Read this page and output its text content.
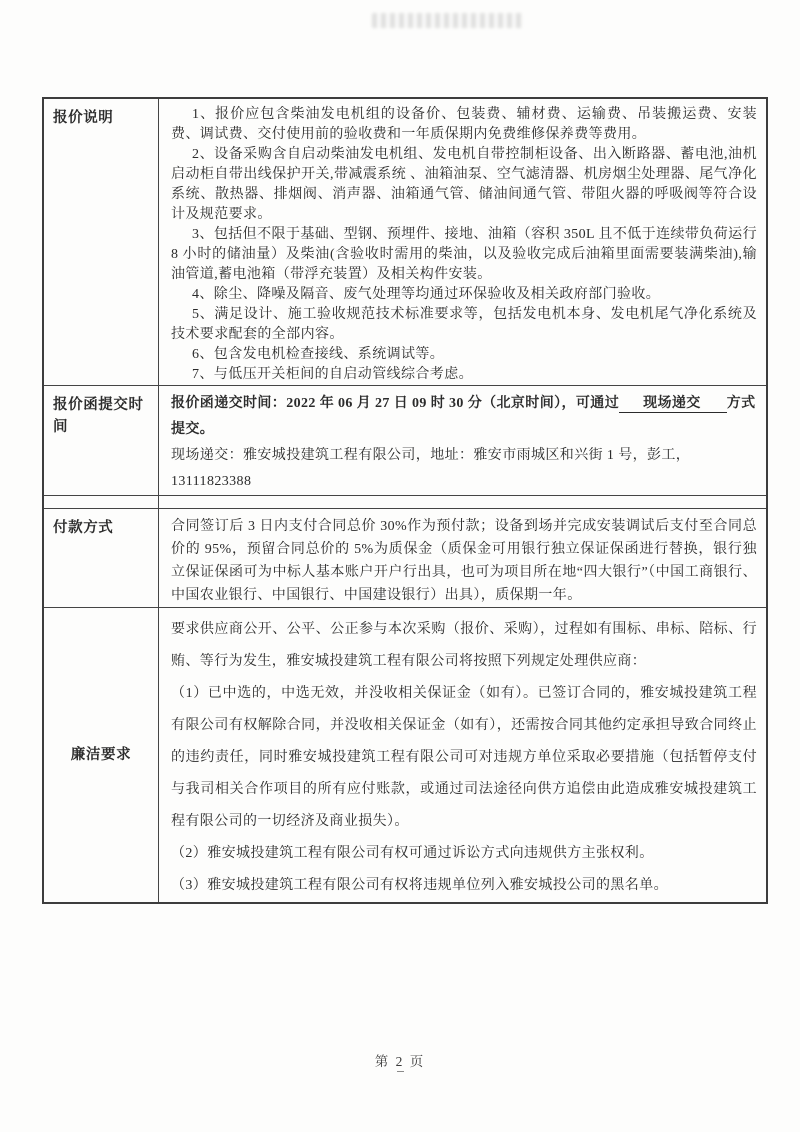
报价说明	1、报价应包含柴油发电机组的设备价、包装费、辅材费、运输费、吊装搬运费、安装费、调试费、交付使用前的验收费和一年质保期内免费维修保养费等费用。

2、设备采购含自启动柴油发电机组、发电机自带控制柜设备、出入断路器、蓄电池,油机启动柜自带出线保护开关,带减震系统 、油箱油泵、空气滤清器、机房烟尘处理器、尾气净化系统、散热器、排烟阀、消声器、油箱通气管、储油间通气管、带阻火器的呼吸阀等符合设计及规范要求。

3、包括但不限于基础、型钢、预埋件、接地、油箱（容积 350L 且不低于连续带负荷运行 8 小时的储油量）及柴油(含验收时需用的柴油，以及验收完成后油箱里面需要装满柴油),输油管道,蓄电池箱（带浮充装置）及相关构件安装。

4、除尘、降噪及隔音、废气处理等均通过环保验收及相关政府部门验收。

5、满足设计、施工验收规范技术标准要求等，包括发电机本身、发电机尾气净化系统及技术要求配套的全部内容。

6、包含发电机检查接线、系统调试等。

7、与低压开关柜间的自启动管线综合考虑。

报价函提交时间

报价函递交时间：2022 年 06 月 27 日 09 时 30 分（北京时间），可通过 现场递交 方式提交。

现场递交：雅安城投建筑工程有限公司，地址：雅安市雨城区和兴街 1 号，彭工，13111823388

付款方式	合同签订后 3 日内支付合同总价 30%作为预付款；设备到场并完成安装调试后支付至合同总价的 95%，预留合同总价的 5%为质保金（质保金可用银行独立保证保函进行替换，银行独立保证保函可为中标人基本账户开户行出具，也可为项目所在地“四大银行”（中国工商银行、中国农业银行、中国银行、中国建设银行）出具），质保期一年。
廉洁要求

要求供应商公开、公平、公正参与本次采购（报价、采购），过程如有围标、串标、陪标、行贿、等行为发生，雅安城投建筑工程有限公司将按照下列规定处理供应商：

（1）已中选的，中选无效，并没收相关保证金（如有）。已签订合同的，雅安城投建筑工程有限公司有权解除合同，并没收相关保证金（如有），还需按合同其他约定承担导致合同终止的违约责任，同时雅安城投建筑工程有限公司可对违规方单位采取必要措施（包括暂停支付与我司相关合作项目的所有应付账款，或通过司法途径向供方追偿由此造成雅安城投建筑工程有限公司的一切经济及商业损失）。

（2）雅安城投建筑工程有限公司有权可通过诉讼方式向违规供方主张权利。

（3）雅安城投建筑工程有限公司有权将违规单位列入雅安城投公司的黑名单。

第 2 页
